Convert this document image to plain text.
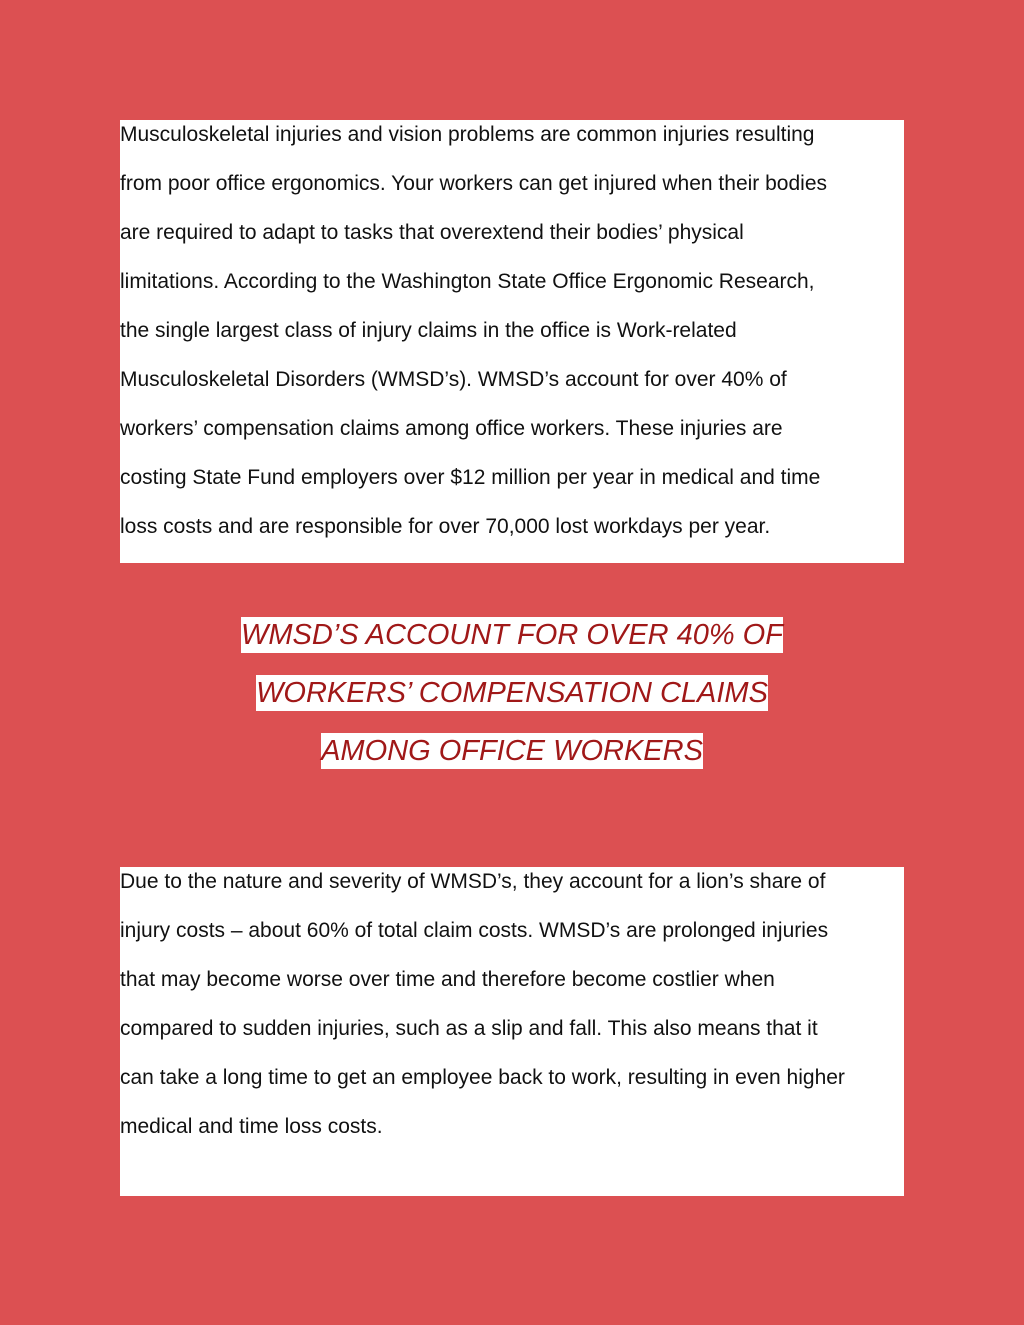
Musculoskeletal injuries and vision problems are common injuries resulting

from poor office ergonomics. Your workers can get injured when their bodies

are required to adapt to tasks that overextend their bodies’ physical

limitations. According to the Washington State Office Ergonomic Research,

the single largest class of injury claims in the office is Work-related

Musculoskeletal Disorders (WMSD’s). WMSD’s account for over 40% of

workers’ compensation claims among office workers. These injuries are

costing State Fund employers over $12 million per year in medical and time

loss costs and are responsible for over 70,000 lost workdays per year.

WMSD’S ACCOUNT FOR OVER 40% OF
WORKERS’ COMPENSATION CLAIMS
AMONG OFFICE WORKERS

Due to the nature and severity of WMSD’s, they account for a lion’s share of

injury costs – about 60% of total claim costs. WMSD’s are prolonged injuries

that may become worse over time and therefore become costlier when

compared to sudden injuries, such as a slip and fall. This also means that it

can take a long time to get an employee back to work, resulting in even higher

medical and time loss costs.
